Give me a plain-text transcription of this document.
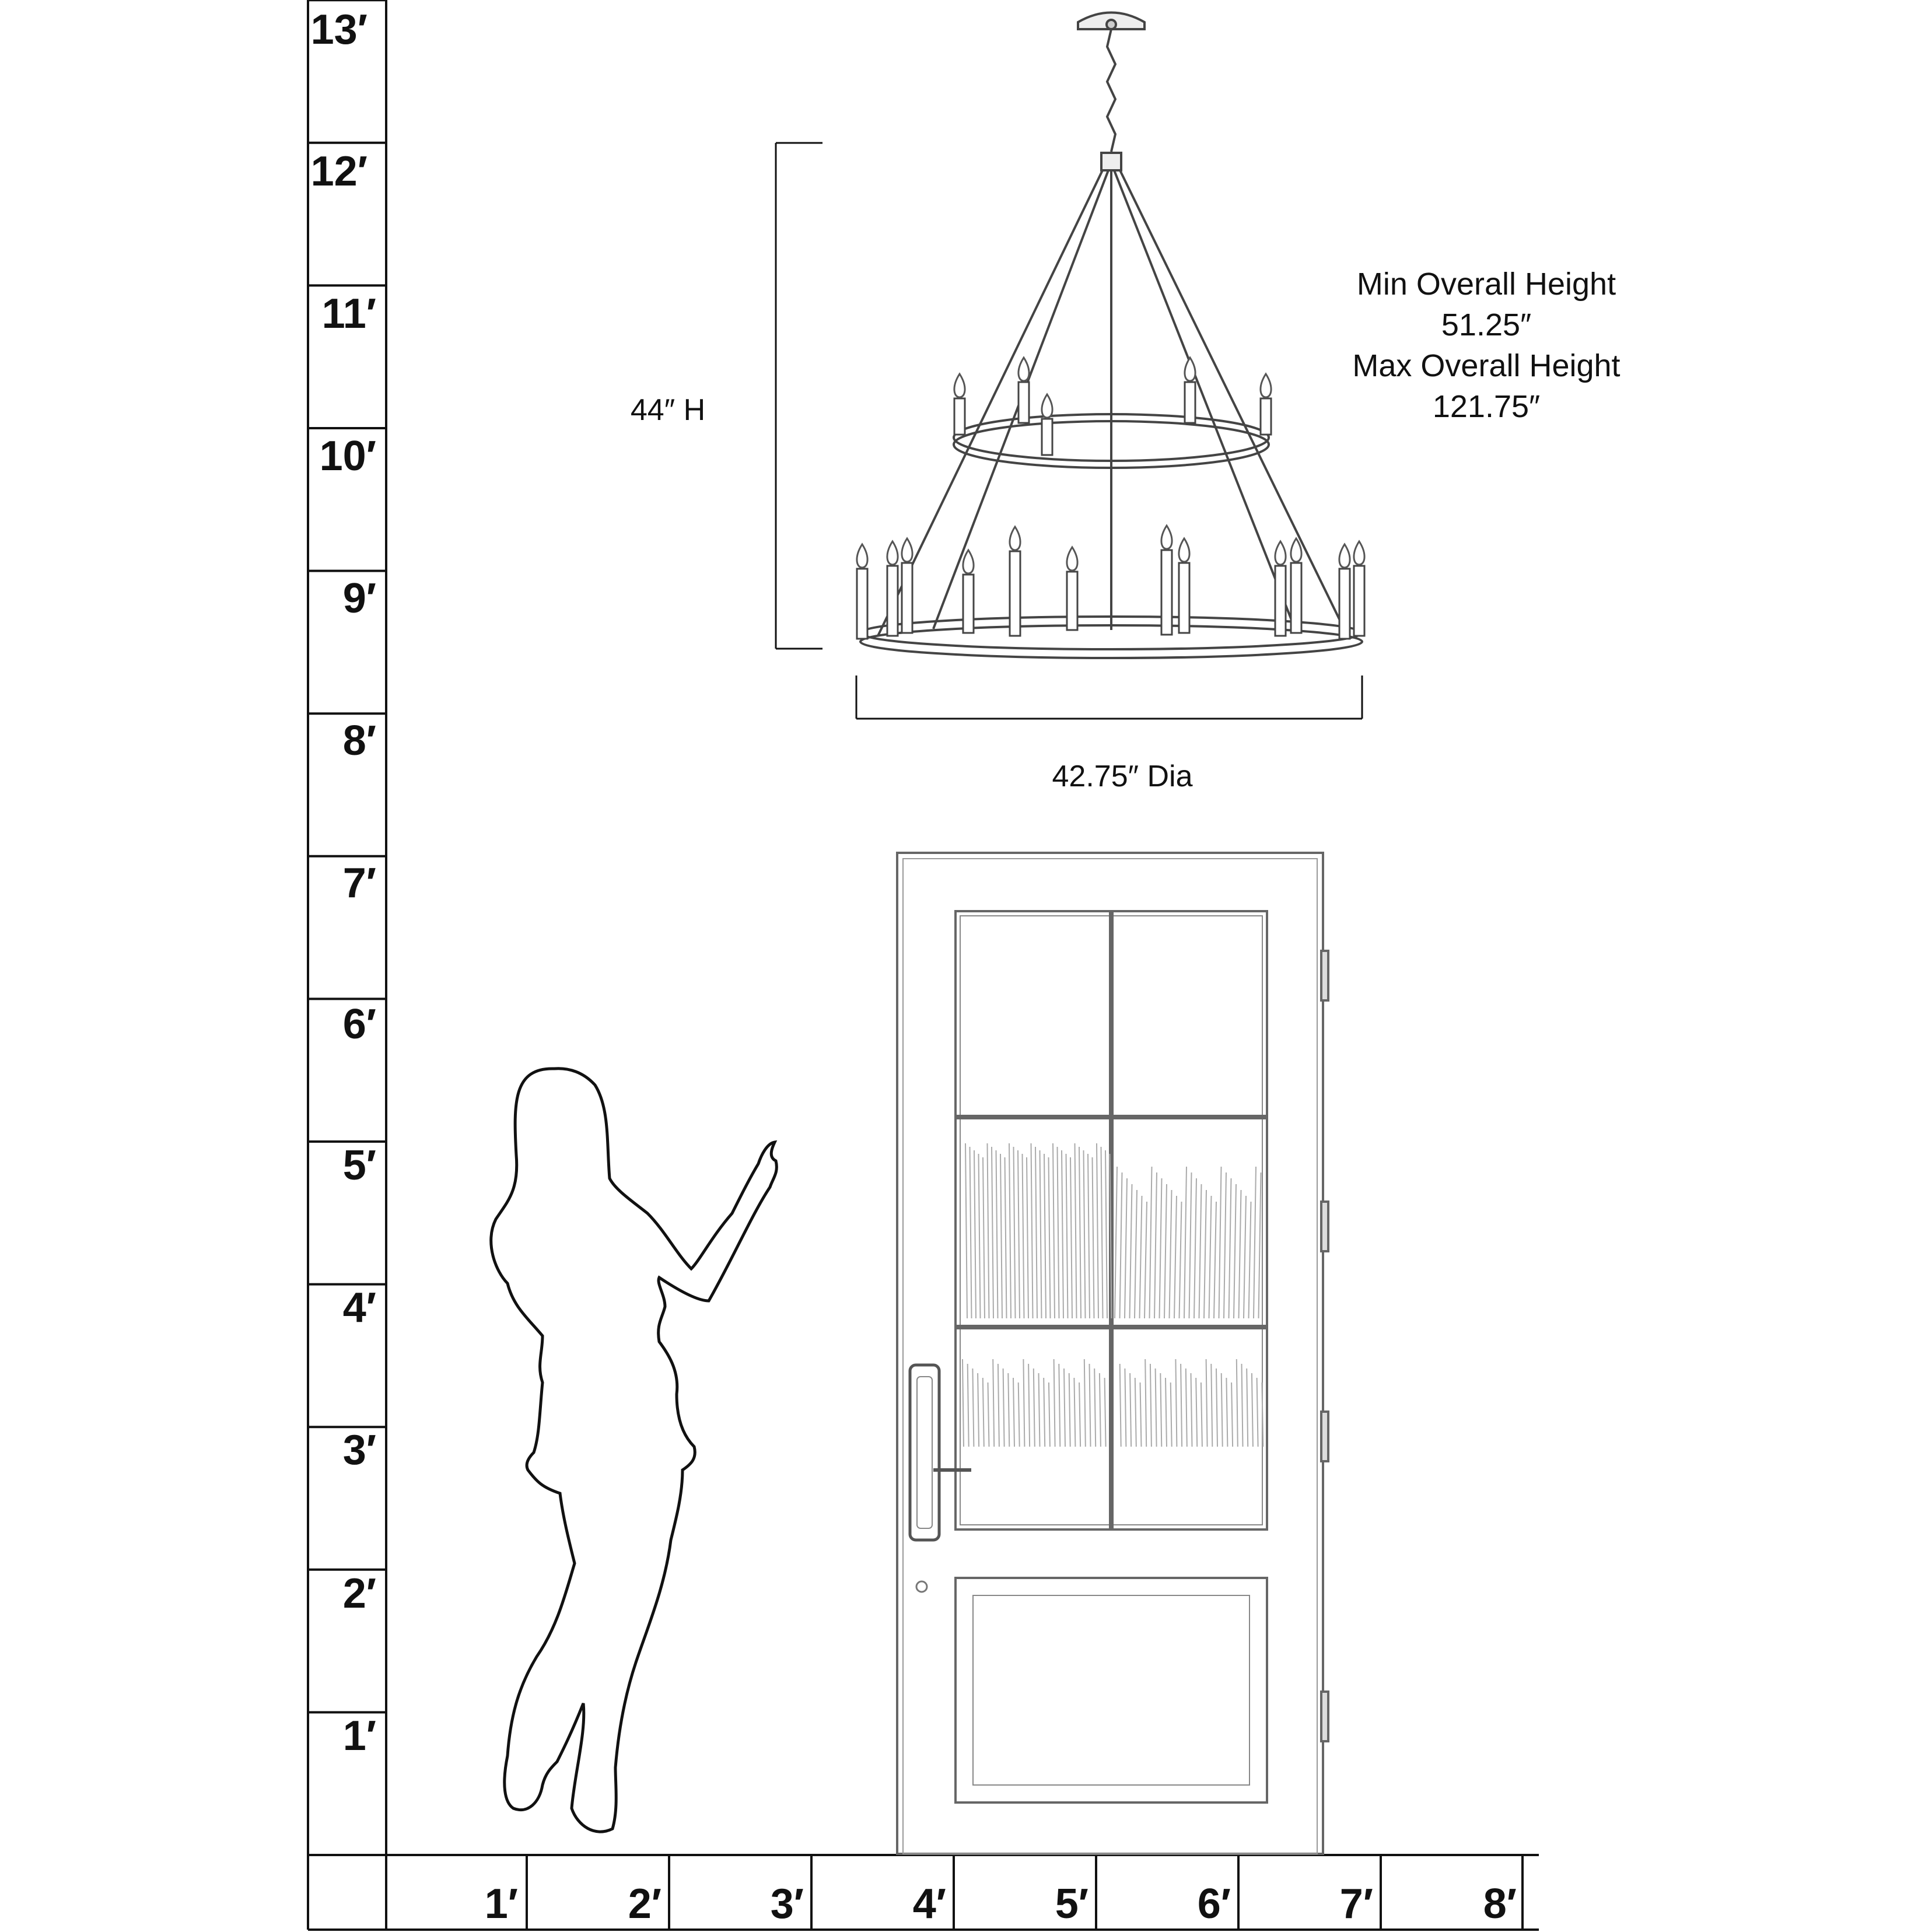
13′
12′
11′
10′
9′
8′
7′
6′
5′
4′
3′
2′
1′
1′	2′	3′	4′	5′	6′	7′	8′
44″ H
42.75″ Dia
Min Overall Height
51.25″
Max Overall Height
121.75″
